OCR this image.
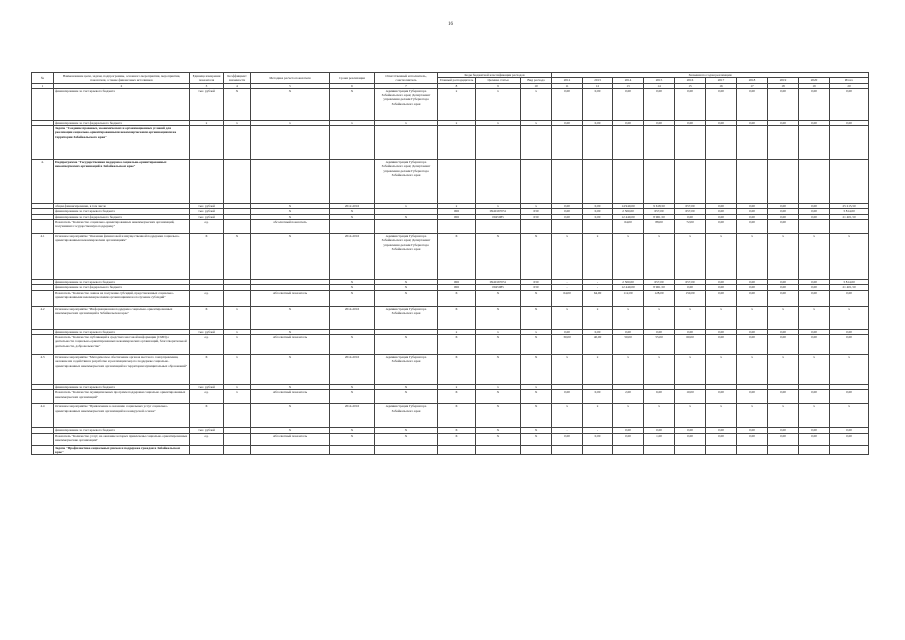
16
№	Наименование цели, задачи, подпрограммы, основного мероприятия, мероприятия, показателя, а также финансовых источников	Единица измерения показателя	Коэффициент значимости	Методика расчета показателя	Сроки реализации	Ответственный исполнитель, соисполнитель	Коды бюджетной классификации расходов			Значения по годам реализации									
							Главный распорядитель	Целевая статья	Вид расхода	2012	2013	2014	2015	2016	2017	2018	2019	2020	Итого
1	2	3	4	5	6	7	8	9	10	11	12	13	14	15	16	17	18	19	20
	финансирование за счет краевого бюджета	тыс. рублей	Х	Х	Х	Администрация Губернатора Забайкальского края; Департамент управления делами Губернатора Забайкальского края	х	х	х	0,00	0,00	0,00	0,00	0,00	0,00	0,00	0,00	0,00	0,00
	финансирование за счет федерального бюджета	х	х	х	х	х	х	х	х	0,00	0,00	0,00	0,00	0,00	0,00	0,00	0,00	0,00	0,00
	Задача "Создание правовых, экономических и организационных условий для реализации социально-ориентированными некоммерческими организациями на территории Забайкальского края"																		
4.	Подпрограмма "Государственная поддержка социально-ориентированных некоммерческих организаций в Забайкальском крае"					Администрация Губернатора Забайкальского края; Департамент управления делами Губернатора Забайкальского края													
	общая финансирование, в том числе	тыс. рублей		Х	2012-2016	х	х	х	х	0,00	0,00	14 940,00	9 618,50	657,00	0,00	0,00	0,00	0,00	25 215,50
	финансирование за счет краевого бюджета	тыс. рублей		Х	Х		006	0940167051	630	0,00	0,00	2 500,00	657,00	657,00	0,00	0,00	0,00	0,00	3 814,00
	финансирование за счет федерального бюджета	тыс. рублей		Х	Х	Х	006	0945085	630	0,00	0,00	12 440,00	8 961,50	0,00	0,00	0,00	0,00	0,00	21 401,50
	Показатель "Количество социально-ориентированных некоммерческих организаций, получивших государственную поддержку"	ед.		абсолютный показатель								64,00	88,00	72,00	0,00	0,00	0,00		
4.1	Основное мероприятие "Оказание финансовой и имущественной поддержки социально-ориентированным некоммерческим организациям"	Х	Х	Х	2014-2016	Администрация Губернатора Забайкальского края; Департамент управления делами Губернатора Забайкальского края	Х	Х	Х	х	х	х	х	х	х	х	х	х	х
	финансирование за счет краевого бюджета				Х	Х	006	0940167051	630	-	-	2 500,00	657,00	657,00	0,00	0,00	0,00	0,00	3 814,00
	финансирование за счет федерального бюджета				Х	Х	006	0945085	630	-	-	12 440,00	8 961,50	0,00	0,00	0,00	0,00	0,00	21 401,50
	Показатель "Количество заявок на получение субсидий, представленных социально-ориентированными некоммерческими организациями на получение субсидий"	ед.		Абсолютный показатель	Х	Х	Х	Х	Х	64,00	64,00	112,00	128,00	150,00	0,00	0,00	0,00	0,00	0,00
4.2	Основное мероприятие "Информационная поддержка социально-ориентированных некоммерческих организаций в Забайкальском крае"	Х	х	Х	2014-2016	Администрация Губернатора Забайкальского края	Х	Х	Х	х	х	х	х	х	х	х	х	х	х
	финансирование за счет краевого бюджета	тыс. рублей	х	Х			х	х	х	0,00	0,00	0,00	0,00	0,00	0,00	0,00	0,00	0,00	0,00
	Показатель "Количество публикаций в средствах массовой информации (СМИ) о деятельности социально-ориентированных некоммерческих организаций, благотворительной деятельности, добровольчестве"	ед.	х	Абсолютный показатель	Х	Х	Х	Х	Х	30,00	40,00	50,00	55,00	60,00	0,00	0,00	0,00	0,00	0,00
4.3	Основное мероприятие "Методическое обеспечение органов местного самоуправления, оказание им содействия в разработке и реализации мер по поддержке социально-ориентированных некоммерческих организаций на территории муниципальных образований"	Х	х	Х	2014-2016	Администрация Губернатора Забайкальского края	Х	Х	Х	х	х	х	х	х	х	х	х	х	х
	финансирование за счет краевого бюджета	тыс. рублей	х	Х	Х	Х	х	х	х										
	Показатель "Количество муниципальных программ поддержки социально ориентированных некоммерческих организаций"	ед.	х	Абсолютный показатель	Х	Х	Х	Х	Х	0,00	0,00	2,00	6,00	10,00	0,00	0,00	0,00	0,00	0,00
4.4	Основное мероприятие "Привлечение к оказанию социальных услуг социально-ориентированных некоммерческих организаций на конкурсной основе"	Х		Х	2014-2016	Администрация Губернатора Забайкальского края	Х	Х	Х	х	х	х	х	х	х	х	х	х	х
	финансирование за счет краевого бюджета	тыс. рублей		Х	Х	Х	Х	Х	Х	-	-	0,00	0,00	0,00	0,00	0,00	0,00	0,00	0,00
	Показатель "Количество услуг, на оказание которых привлечены социально-ориентированные некоммерческие организации"	ед.		Абсолютный показатель	Х	Х	Х	Х	Х	0,00	0,00	0,00	1,00	0,00	0,00	0,00	0,00	0,00	0,00
	Задача "Профилактика социальных рисков и поддержка граждан в Забайкальском крае"																		
